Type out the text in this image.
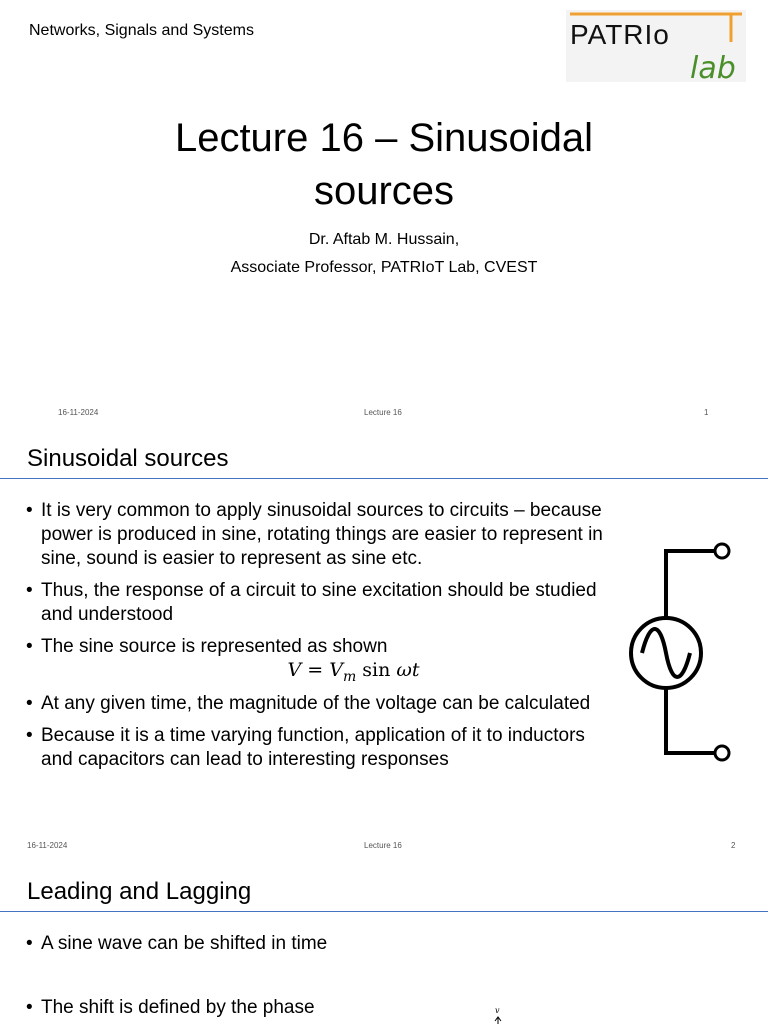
Networks, Signals and Systems	PATRIo
lab
Lecture 16 – Sinusoidal
sources
Dr. Aftab M. Hussain,
Associate Professor, PATRIoT Lab, CVEST
16-11-2024	Lecture 16	1
Sinusoidal sources
• It is very common to apply sinusoidal sources to circuits – because power is produced in sine, rotating things are easier to represent in sine, sound is easier to represent as sine etc.
• Thus, the response of a circuit to sine excitation should be studied and understood
• The sine source is represented as shown
$V = V_m$ sin ωt
• At any given time, the magnitude of the voltage can be calculated
• Because it is a time varying function, application of it to inductors and capacitors can lead to interesting responses
16-11-2024	Lecture 16	2
Leading and Lagging
• A sine wave can be shifted in time
• The shift is defined by the phase	v
